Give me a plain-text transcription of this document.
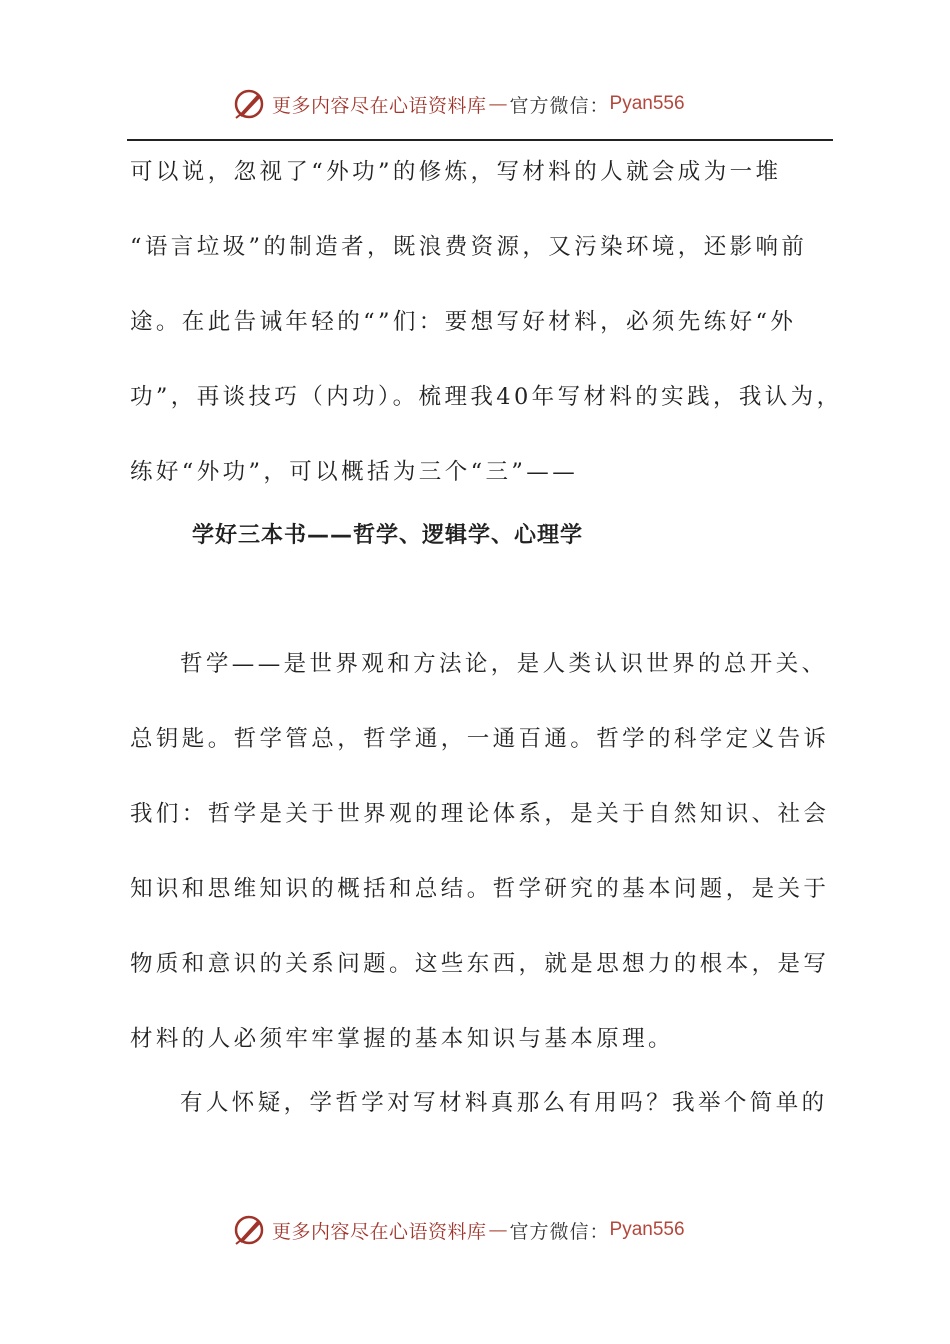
更多内容尽在心语资料库 — 官方微信： Pyan556
可以说，忽视了“外功”的修炼，写材料的人就会成为一堆
“语言垃圾”的制造者，既浪费资源，又污染环境，还影响前
途。在此告诫年轻的“”们：要想写好材料，必须先练好“外
功”，再谈技巧（内功）。梳理我40年写材料的实践，我认为，
练好“外功”，可以概括为三个“三”——
学好三本书——哲学、逻辑学、心理学
哲学——是世界观和方法论，是人类认识世界的总开关、
总钥匙。哲学管总，哲学通，一通百通。哲学的科学定义告诉
我们：哲学是关于世界观的理论体系，是关于自然知识、社会
知识和思维知识的概括和总结。哲学研究的基本问题，是关于
物质和意识的关系问题。这些东西，就是思想力的根本，是写
材料的人必须牢牢掌握的基本知识与基本原理。
有人怀疑，学哲学对写材料真那么有用吗？我举个简单的
更多内容尽在心语资料库 — 官方微信： Pyan556
